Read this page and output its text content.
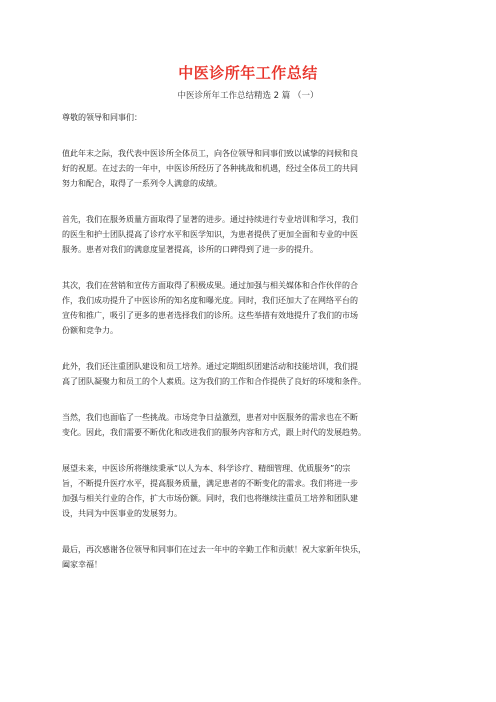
中医诊所年工作总结
中医诊所年工作总结精选 2 篇 （一）

尊敬的领导和同事们：

值此年末之际，我代表中医诊所全体员工，向各位领导和同事们致以诚挚的问候和良
好的祝愿。在过去的一年中，中医诊所经历了各种挑战和机遇，经过全体员工的共同
努力和配合，取得了一系列令人满意的成绩。

首先，我们在服务质量方面取得了显著的进步。通过持续进行专业培训和学习，我们
的医生和护士团队提高了诊疗水平和医学知识，为患者提供了更加全面和专业的中医
服务。患者对我们的满意度显著提高，诊所的口碑得到了进一步的提升。

其次，我们在营销和宣传方面取得了积极成果。通过加强与相关媒体和合作伙伴的合
作，我们成功提升了中医诊所的知名度和曝光度。同时，我们还加大了在网络平台的
宣传和推广，吸引了更多的患者选择我们的诊所。这些举措有效地提升了我们的市场
份额和竞争力。

此外，我们还注重团队建设和员工培养。通过定期组织团建活动和技能培训，我们提
高了团队凝聚力和员工的个人素质。这为我们的工作和合作提供了良好的环境和条件。

当然，我们也面临了一些挑战。市场竞争日益激烈，患者对中医服务的需求也在不断
变化。因此，我们需要不断优化和改进我们的服务内容和方式，跟上时代的发展趋势。

展望未来，中医诊所将继续秉承“以人为本、科学诊疗、精细管理、优质服务”的宗
旨，不断提升医疗水平，提高服务质量，满足患者的不断变化的需求。我们将进一步
加强与相关行业的合作，扩大市场份额。同时，我们也将继续注重员工培养和团队建
设，共同为中医事业的发展努力。

最后，再次感谢各位领导和同事们在过去一年中的辛勤工作和贡献！祝大家新年快乐，
阖家幸福！
